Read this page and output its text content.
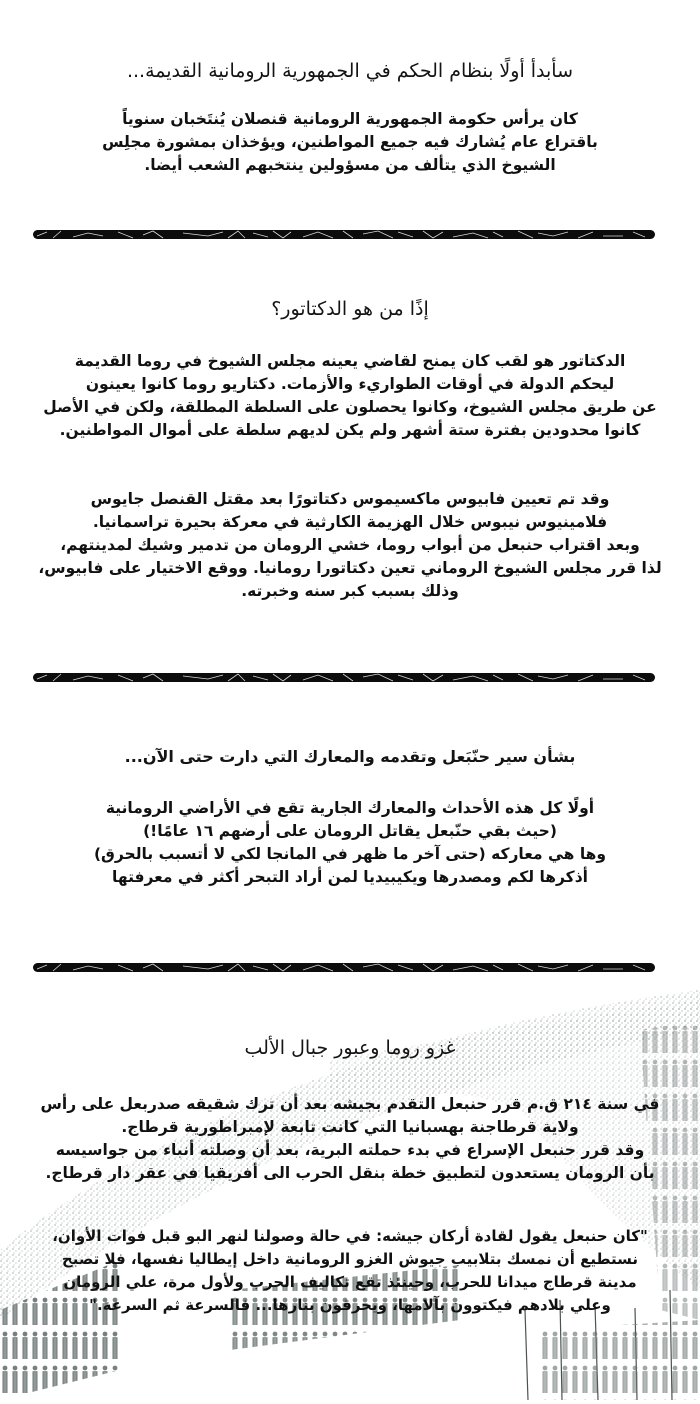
سأبدأ أولًا بنظام الحكم في الجمهورية الرومانية القديمة...

كان يرأس حكومة الجمهورية الرومانية قنصلان يُنتَخبان سنوياً
باقتراع عام يُشارك فيه جميع المواطنين، ويؤخذان بمشورة مجلِس
الشيوخ الذي يتألف من مسؤولين ينتخبهم الشعب أيضا.

إذًا من هو الدكتاتور؟

الدكتاتور هو لقب كان يمنح لقاضي يعينه مجلس الشيوخ في روما القديمة
ليحكم الدولة في أوقات الطواريء والأزمات. دكتاريو روما كانوا يعينون
عن طريق مجلس الشيوخ، وكانوا يحصلون على السلطة المطلقة، ولكن في الأصل
كانوا محدودين بفترة ستة أشهر ولم يكن لديهم سلطة على أموال المواطنين.

وقد تم تعيين فابيوس ماكسيموس دكتاتورًا بعد مقتل القنصل جايوس
فلامينيوس نيبوس خلال الهزيمة الكارثية في معركة بحيرة تراسمانيا.
وبعد اقتراب حنبعل من أبواب روما، خشي الرومان من تدمير وشيك لمدينتهم،
لذا قرر مجلس الشيوخ الروماني تعين دكتاتورا رومانيا. ووقع الاختيار على فابيوس،
وذلك بسبب كبر سنه وخبرته.

بشأن سير حنّبَعل وتقدمه والمعارك التي دارت حتى الآن...

أولًا كل هذه الأحداث والمعارك الجارية تقع في الأراضي الرومانية
(حيث بقي حنّبعل يقاتل الرومان على أرضهم ١٦ عامًا!)
وها هي معاركه (حتى آخر ما ظهر في المانجا لكي لا أتسبب بالحرق)
أذكرها لكم ومصدرها ويكيبيديا لمن أراد التبحر أكثر في معرفتها

غزو روما وعبور جبال الألب

في سنة ٢١٤ ق.م قرر حنبعل التقدم بجيشه بعد أن ترك شقيقه صدربعل على رأس
ولاية قرطاجنة بهسبانيا التي كانت تابعة لإمبراطورية قرطاج.
وقد قرر حنبعل الإسراع في بدء حملته البرية، بعد أن وصلته أنباء من جواسيسه
بأن الرومان يستعدون لتطبيق خطة بنقل الحرب الى أفريقيا في عقر دار قرطاج.

"كان حنبعل يقول لقادة أركان جيشه: في حالة وصولنا لنهر البو قبل فوات الأوان،
نستطيع أن نمسك بتلابيب جيوش الغزو الرومانية داخل إيطاليا نفسها، فلا تصبح
مدينة قرطاج ميدانا للحرب، وحينئذ تقع تكاليف الحرب ولأول مرة، علي الرومان
وعلي بلادهم فيكتوون بآلامها، ويحرقون بنارها... فالسرعة ثم السرعة."
